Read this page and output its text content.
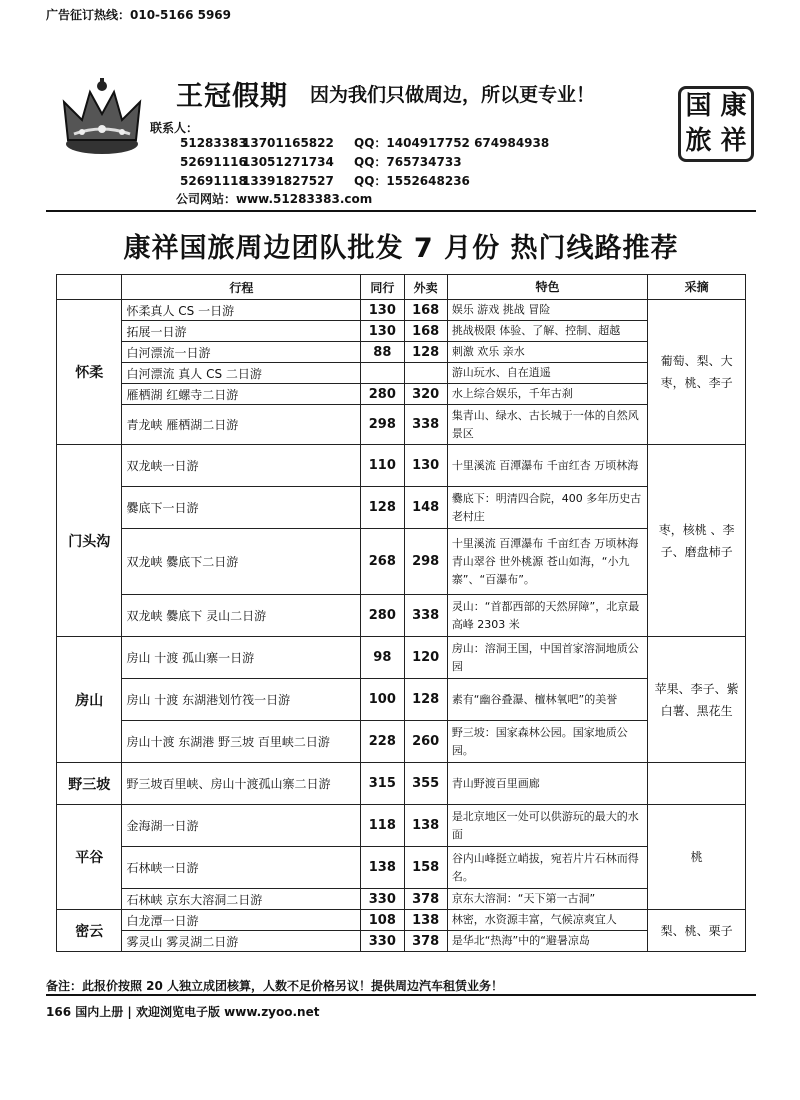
广告征订热线：010-5166 5969
王冠假期 因为我们只做周边，所以更专业！
联系人：
5128338313701165822 QQ：1404917752 674984938
5269111613051271734 QQ：765734733
5269111813391827527 QQ：1552648236
公司网站：www.51283383.com
国 康
旅 祥
康祥国旅周边团队批发 7 月份 热门线路推荐
	行程	同行	外卖	特色	采摘
怀柔	怀柔真人 CS 一日游	130	168	娱乐 游戏 挑战 冒险	葡萄、梨、大枣，桃、李子
	拓展一日游	130	168	挑战极限 体验、了解、控制、超越	
	白河漂流一日游	88	128	刺激 欢乐 亲水	
	白河漂流 真人 CS 二日游			游山玩水、自在逍遥	
	雁栖湖 红螺寺二日游	280	320	水上综合娱乐，千年古刹	
	青龙峡 雁栖湖二日游	298	338	集青山、绿水、古长城于一体的自然风景区	
门头沟	双龙峡一日游	110	130	十里溪流 百潭瀑布 千亩红杏 万顷林海	枣，核桃 、李子、磨盘柿子
	爨底下一日游	128	148	爨底下：明清四合院，400 多年历史古老村庄	
	双龙峡 爨底下二日游	268	298	十里溪流 百潭瀑布 千亩红杏 万顷林海 青山翠谷 世外桃源 苍山如海，“小九寨”、“百瀑布”。	
	双龙峡 爨底下 灵山二日游	280	338	灵山：“首都西部的天然屏障”，北京最高峰 2303 米	
房山	房山 十渡 孤山寨一日游	98	120	房山：溶洞王国，中国首家溶洞地质公园	苹果、李子、紫白薯、黑花生
	房山 十渡 东湖港划竹筏一日游	100	128	素有“幽谷叠瀑、檀林氧吧”的美誉	
	房山十渡 东湖港 野三坡 百里峡二日游	228	260	野三坡：国家森林公园。国家地质公园。	
野三坡	野三坡百里峡、房山十渡孤山寨二日游	315	355	青山野渡百里画廊	
平谷	金海湖一日游	118	138	是北京地区一处可以供游玩的最大的水面	桃
	石林峡一日游	138	158	谷内山峰挺立峭拔，宛若片片石林而得名。	
	石林峡 京东大溶洞二日游	330	378	京东大溶洞：“天下第一古洞”	
密云	白龙潭一日游	108	138	林密，水资源丰富，气候凉爽宜人	梨、桃、栗子
	雾灵山 雾灵湖二日游	330	378	是华北“热海”中的“避暑凉岛	
备注：此报价按照 20 人独立成团核算，人数不足价格另议！提供周边汽车租赁业务！
166 国内上册 | 欢迎浏览电子版 www.zyoo.net
